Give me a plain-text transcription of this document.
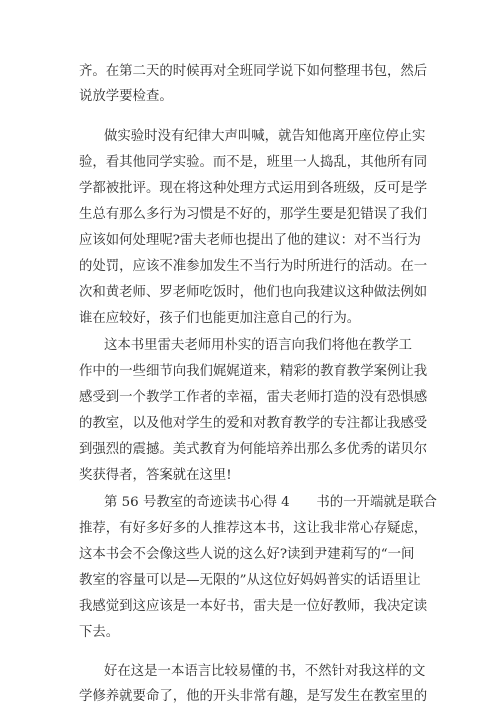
齐。在第二天的时候再对全班同学说下如何整理书包，然后
说放学要检查。
做实验时没有纪律大声叫喊，就告知他离开座位停止实
验，看其他同学实验。而不是，班里一人捣乱，其他所有同
学都被批评。现在将这种处理方式运用到各班级，反可是学
生总有那么多行为习惯是不好的，那学生要是犯错误了我们
应该如何处理呢?雷夫老师也提出了他的建议：对不当行为
的处罚，应该不准参加发生不当行为时所进行的活动。在一
次和黄老师、罗老师吃饭时，他们也向我建议这种做法例如
谁在应较好，孩子们也能更加注意自己的行为。
这本书里雷夫老师用朴实的语言向我们将他在教学工
作中的一些细节向我们娓娓道来，精彩的教育教学案例让我
感受到一个教学工作者的幸福，雷夫老师打造的没有恐惧感
的教室，以及他对学生的爱和对教育教学的专注都让我感受
到强烈的震撼。美式教育为何能培养出那么多优秀的诺贝尔
奖获得者，答案就在这里!
第 56 号教室的奇迹读书心得 4　　书的一开端就是联合
推荐，有好多好多的人推荐这本书，这让我非常心存疑虑，
这本书会不会像这些人说的这么好?读到尹建莉写的“一间
教室的容量可以是—无限的”从这位好妈妈普实的话语里让
我感觉到这应该是一本好书，雷夫是一位好教师，我决定读
下去。
好在这是一本语言比较易懂的书，不然针对我这样的文
学修养就要命了，他的开头非常有趣，是写发生在教室里的
